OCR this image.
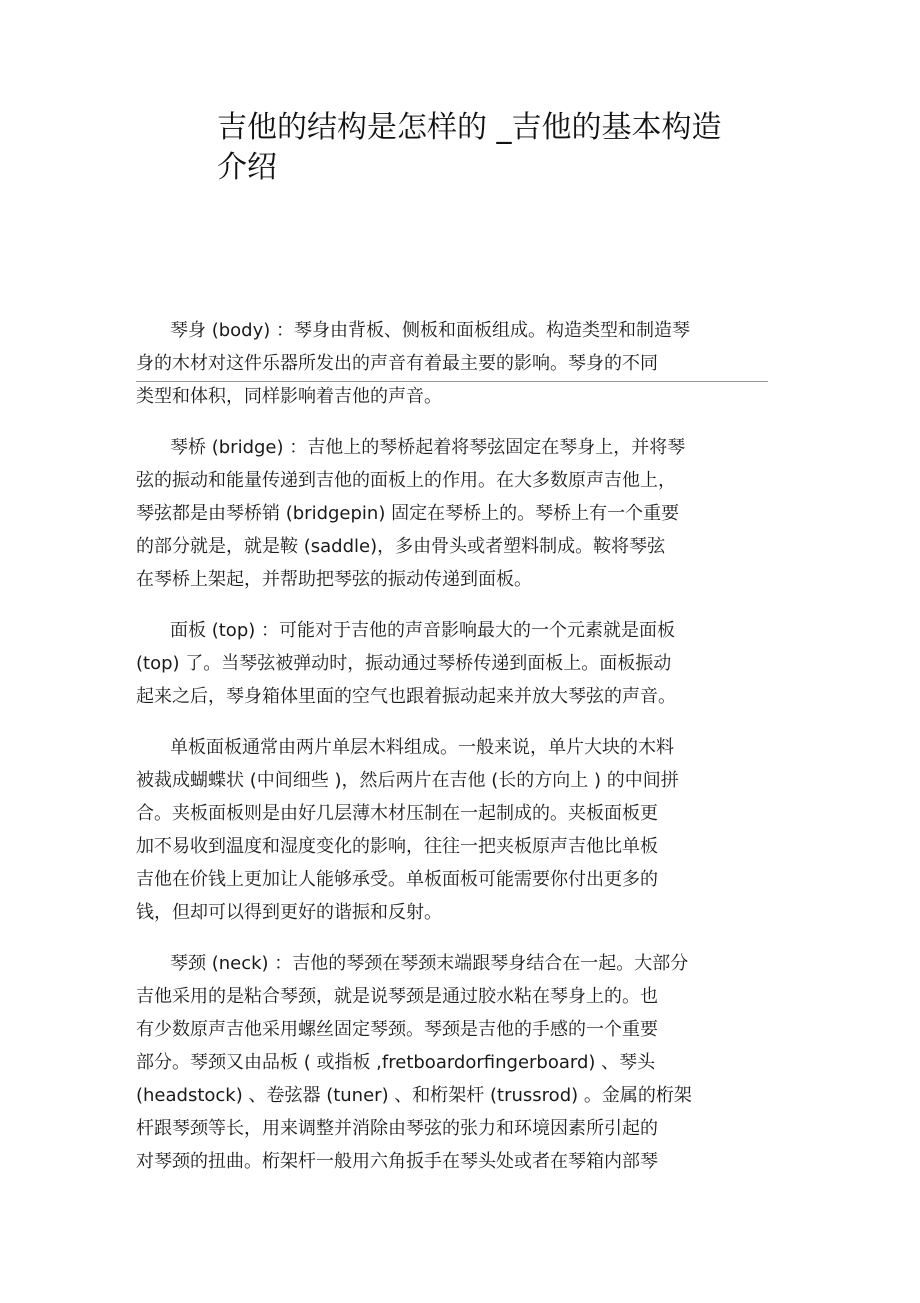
吉他的结构是怎样的 _吉他的基本构造
介绍
琴身 (body) ：琴身由背板、侧板和面板组成。构造类型和制造琴
身的木材对这件乐器所发出的声音有着最主要的影响。琴身的不同
类型和体积，同样影响着吉他的声音。
琴桥 (bridge) ：吉他上的琴桥起着将琴弦固定在琴身上，并将琴
弦的振动和能量传递到吉他的面板上的作用。在大多数原声吉他上，
琴弦都是由琴桥销 (bridgepin) 固定在琴桥上的。琴桥上有一个重要
的部分就是，就是鞍 (saddle)，多由骨头或者塑料制成。鞍将琴弦
在琴桥上架起，并帮助把琴弦的振动传递到面板。
面板 (top) ：可能对于吉他的声音影响最大的一个元素就是面板
(top) 了。当琴弦被弹动时，振动通过琴桥传递到面板上。面板振动
起来之后，琴身箱体里面的空气也跟着振动起来并放大琴弦的声音。
单板面板通常由两片单层木料组成。一般来说，单片大块的木料
被裁成蝴蝶状 (中间细些 )，然后两片在吉他 (长的方向上 ) 的中间拼
合。夹板面板则是由好几层薄木材压制在一起制成的。夹板面板更
加不易收到温度和湿度变化的影响，往往一把夹板原声吉他比单板
吉他在价钱上更加让人能够承受。单板面板可能需要你付出更多的
钱，但却可以得到更好的谐振和反射。
琴颈 (neck) ：吉他的琴颈在琴颈末端跟琴身结合在一起。大部分
吉他采用的是粘合琴颈，就是说琴颈是通过胶水粘在琴身上的。也
有少数原声吉他采用螺丝固定琴颈。琴颈是吉他的手感的一个重要
部分。琴颈又由品板 ( 或指板 ,fretboardorfingerboard) 、琴头
(headstock) 、卷弦器 (tuner) 、和桁架杆 (trussrod) 。金属的桁架
杆跟琴颈等长，用来调整并消除由琴弦的张力和环境因素所引起的
对琴颈的扭曲。桁架杆一般用六角扳手在琴头处或者在琴箱内部琴
